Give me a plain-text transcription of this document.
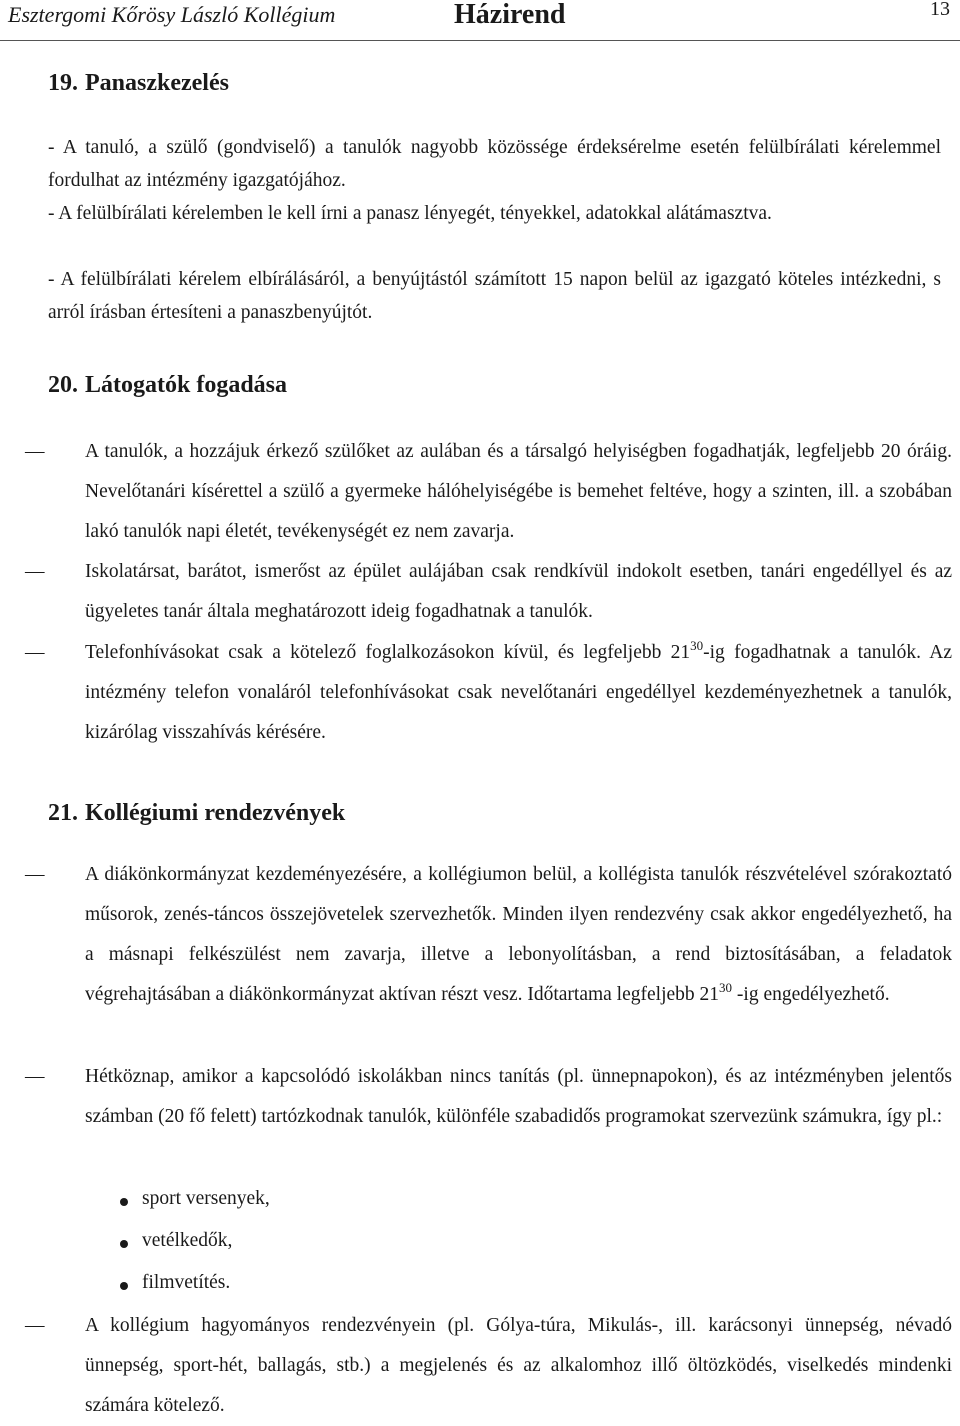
Esztergomi Kőrösy László Kollégium	Házirend	13
19. Panaszkezelés

- A tanuló, a szülő (gondviselő) a tanulók nagyobb közössége érdeksérelme esetén felülbírálati kérelemmel fordulhat az intézmény igazgatójához.

- A felülbírálati kérelemben le kell írni a panasz lényegét, tényekkel, adatokkal alátámasztva.

- A felülbírálati kérelem elbírálásáról, a benyújtástól számított 15 napon belül az igazgató köteles intézkedni, s arról írásban értesíteni a panaszbenyújtót.

20. Látogatók fogadása

— A tanulók, a hozzájuk érkező szülőket az aulában és a társalgó helyiségben fogadhatják, legfeljebb 20 óráig. Nevelőtanári kísérettel a szülő a gyermeke hálóhelyiségébe is bemehet feltéve, hogy a szinten, ill. a szobában lakó tanulók napi életét, tevékenységét ez nem zavarja.

— Iskolatársat, barátot, ismerőst az épület aulájában csak rendkívül indokolt esetben, tanári engedéllyel és az ügyeletes tanár általa meghatározott ideig fogadhatnak a tanulók.

— Telefonhívásokat csak a kötelező foglalkozásokon kívül, és legfeljebb $21^{30}-ig$ fogadhatnak a tanulók. Az intézmény telefon vonaláról telefonhívásokat csak nevelőtanári engedéllyel kezdeményezhetnek a tanulók, kizárólag visszahívás kérésére.

21. Kollégiumi rendezvények

— A diákönkormányzat kezdeményezésére, a kollégiumon belül, a kollégista tanulók részvételével szórakoztató műsorok, zenés-táncos összejövetelek szervezhetők. Minden ilyen rendezvény csak akkor engedélyezhető, ha a másnapi felkészülést nem zavarja, illetve a lebonyolításban, a rend biztosításában, a feladatok végrehajtásában a diákönkormányzat aktívan részt vesz. Időtartama legfeljebb $21^{30}$ -ig engedélyezhető.

— Hétköznap, amikor a kapcsolódó iskolákban nincs tanítás (pl. ünnepnapokon), és az intézményben jelentős számban (20 fő felett) tartózkodnak tanulók, különféle szabadidős programokat szervezünk számukra, így pl.:

sport versenyek,
vetélkedők,
filmvetítés.

— A kollégium hagyományos rendezvényein (pl. Gólya-túra, Mikulás-, ill. karácsonyi ünnepség, névadó ünnepség, sport-hét, ballagás, stb.) a megjelenés és az alkalomhoz illő öltözködés, viselkedés mindenki számára kötelező.
